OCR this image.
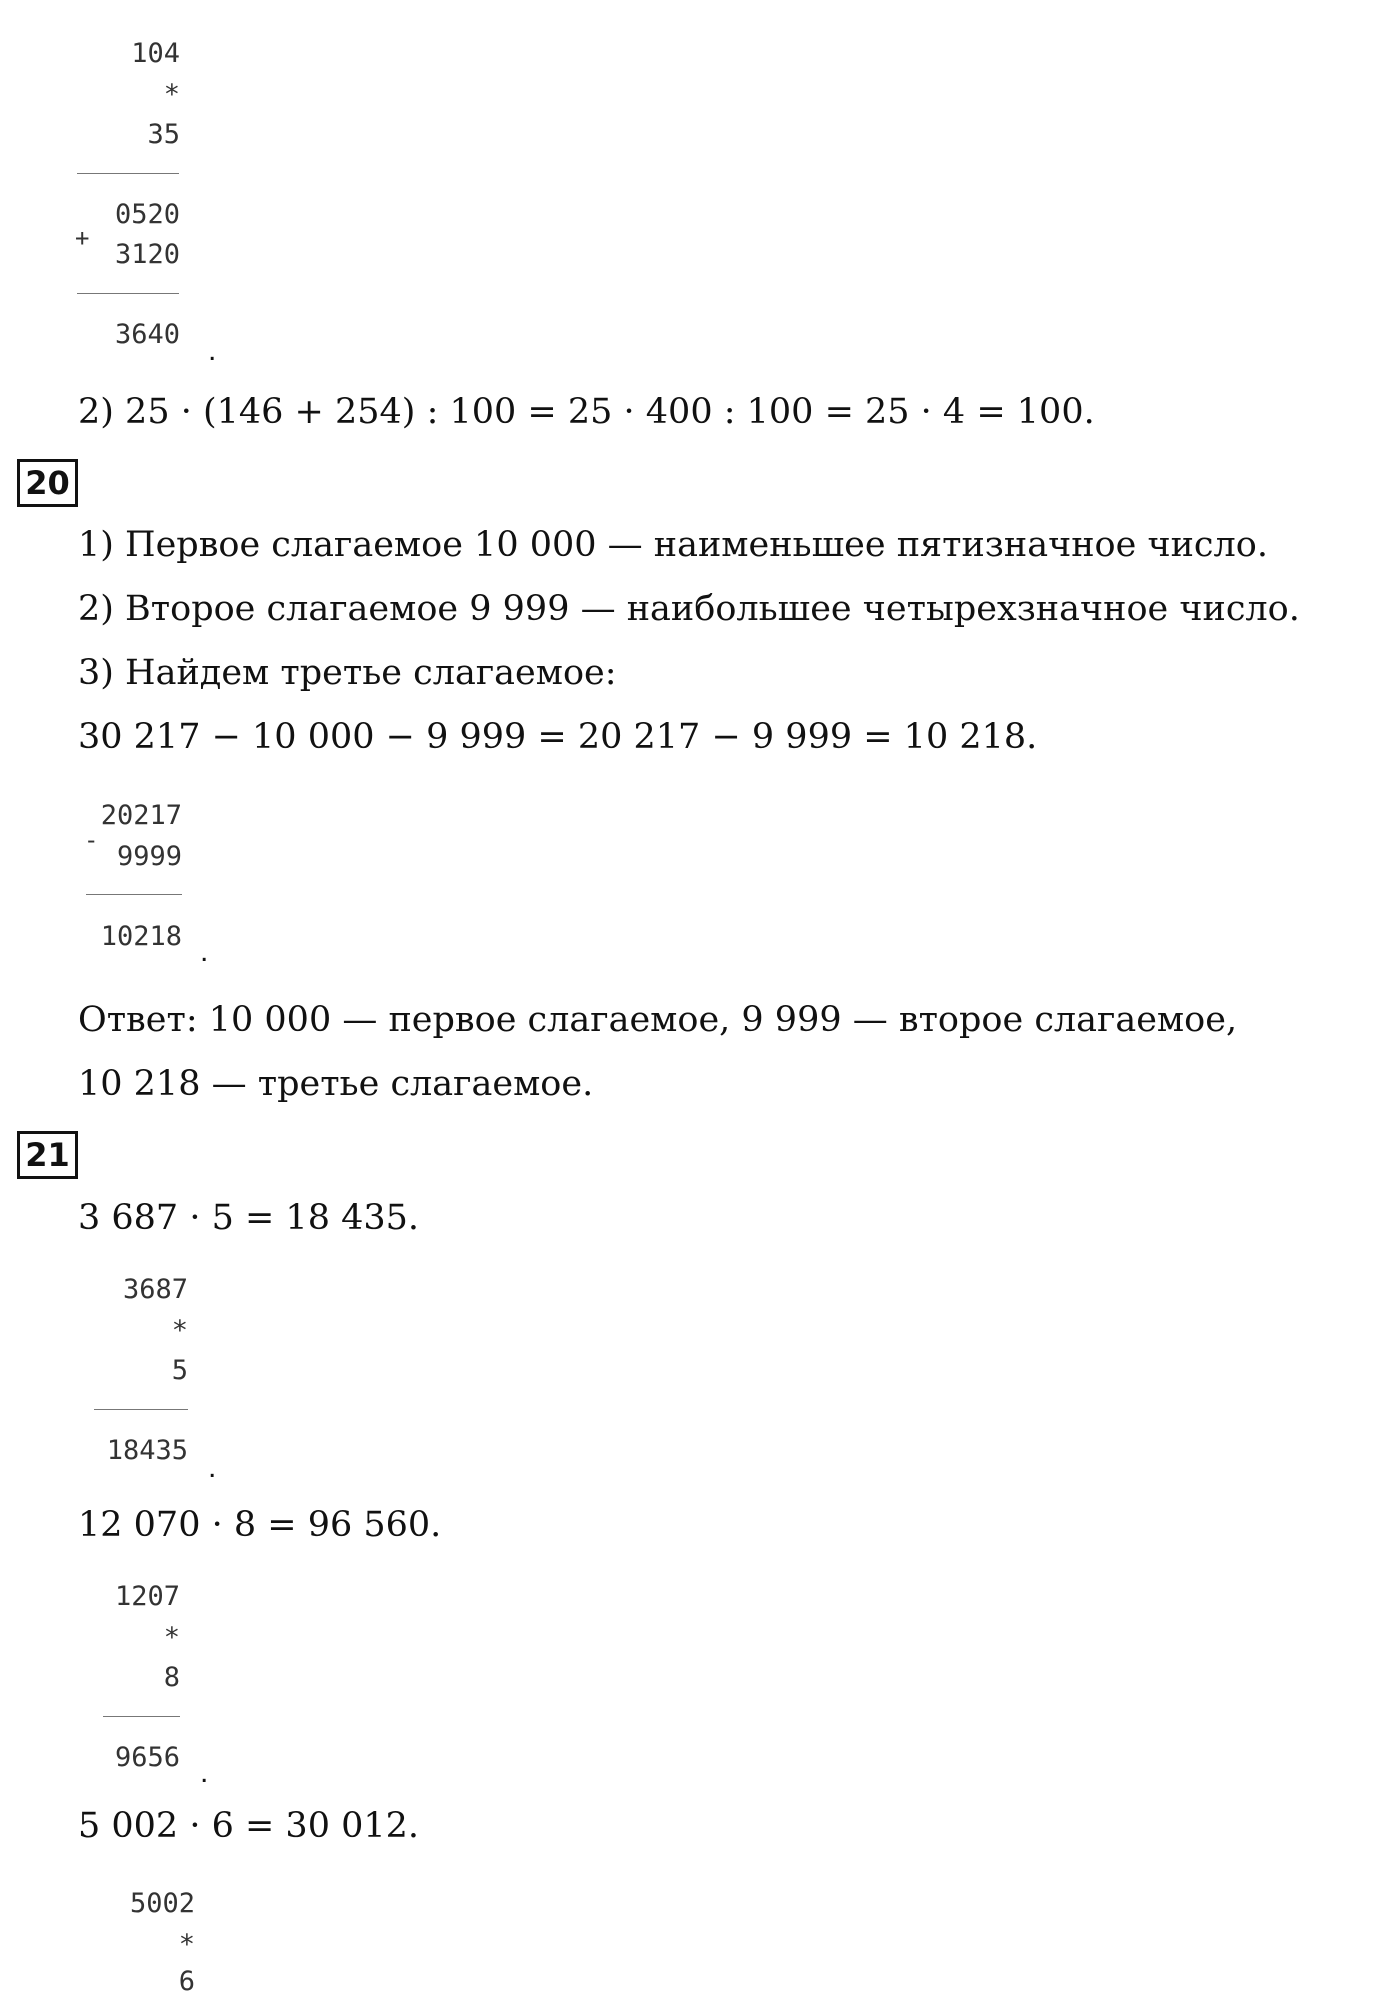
104
*
35
0520
+
3120
3640 .
2) 25 · (146 + 254) : 100 = 25 · 400 : 100 = 25 · 4 = 100.
20
1) Первое слагаемое 10 000 — наименьшее пятизначное число.
2) Второе слагаемое 9 999 — наибольшее четырехзначное число.
3) Найдем третье слагаемое:
30 217 − 10 000 − 9 999 = 20 217 − 9 999 = 10 218.
20217
-
9999
10218 .
Ответ: 10 000 — первое слагаемое, 9 999 — второе слагаемое,
10 218 — третье слагаемое.
21
3 687 · 5 = 18 435.
3687
*
5
18435
.
12 070 · 8 = 96 560.
1207
*
8
9656 .
5 002 · 6 = 30 012.
5002
*
6
